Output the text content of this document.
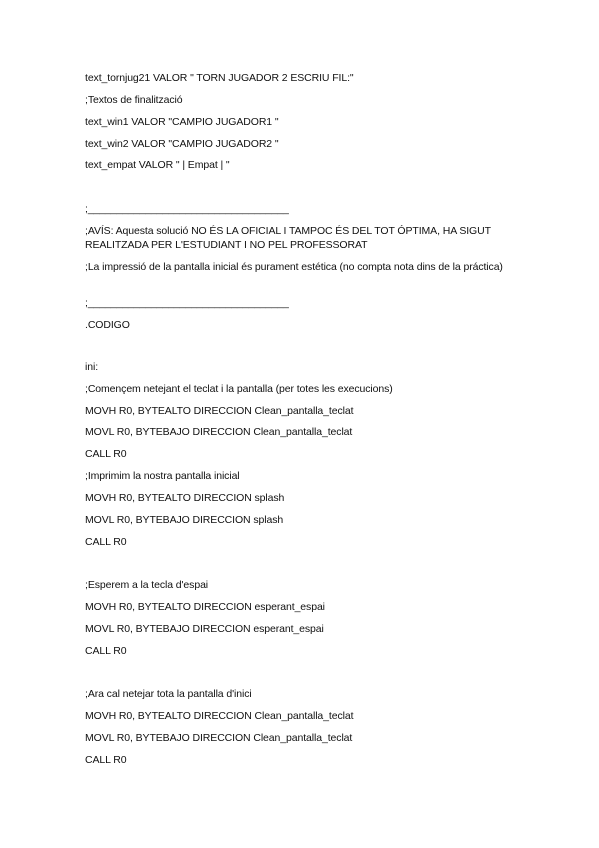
text_tornjug21 VALOR " TORN JUGADOR 2 ESCRIU FIL:"
;Textos de finalització
text_win1 VALOR "CAMPIO JUGADOR1 "
text_win2 VALOR "CAMPIO JUGADOR2 "
text_empat VALOR " | Empat | "
;___________________________________
;AVÍS: Aquesta solució NO ÉS LA OFICIAL I TAMPOC ÉS DEL TOT ÓPTIMA, HA SIGUT REALITZADA PER L'ESTUDIANT I NO PEL PROFESSORAT
;La impressió de la pantalla inicial és purament estética (no compta nota dins de la práctica)
;___________________________________
.CODIGO
ini:
;Començem netejant el teclat i la pantalla (per totes les execucions)
MOVH R0, BYTEALTO DIRECCION Clean_pantalla_teclat
MOVL R0, BYTEBAJO DIRECCION Clean_pantalla_teclat
CALL R0
;Imprimim la nostra pantalla inicial
MOVH R0, BYTEALTO DIRECCION splash
MOVL R0, BYTEBAJO DIRECCION splash
CALL R0
;Esperem a la tecla d'espai
MOVH R0, BYTEALTO DIRECCION esperant_espai
MOVL R0, BYTEBAJO DIRECCION esperant_espai
CALL R0
;Ara cal netejar tota la pantalla d'inici
MOVH R0, BYTEALTO DIRECCION Clean_pantalla_teclat
MOVL R0, BYTEBAJO DIRECCION Clean_pantalla_teclat
CALL R0
